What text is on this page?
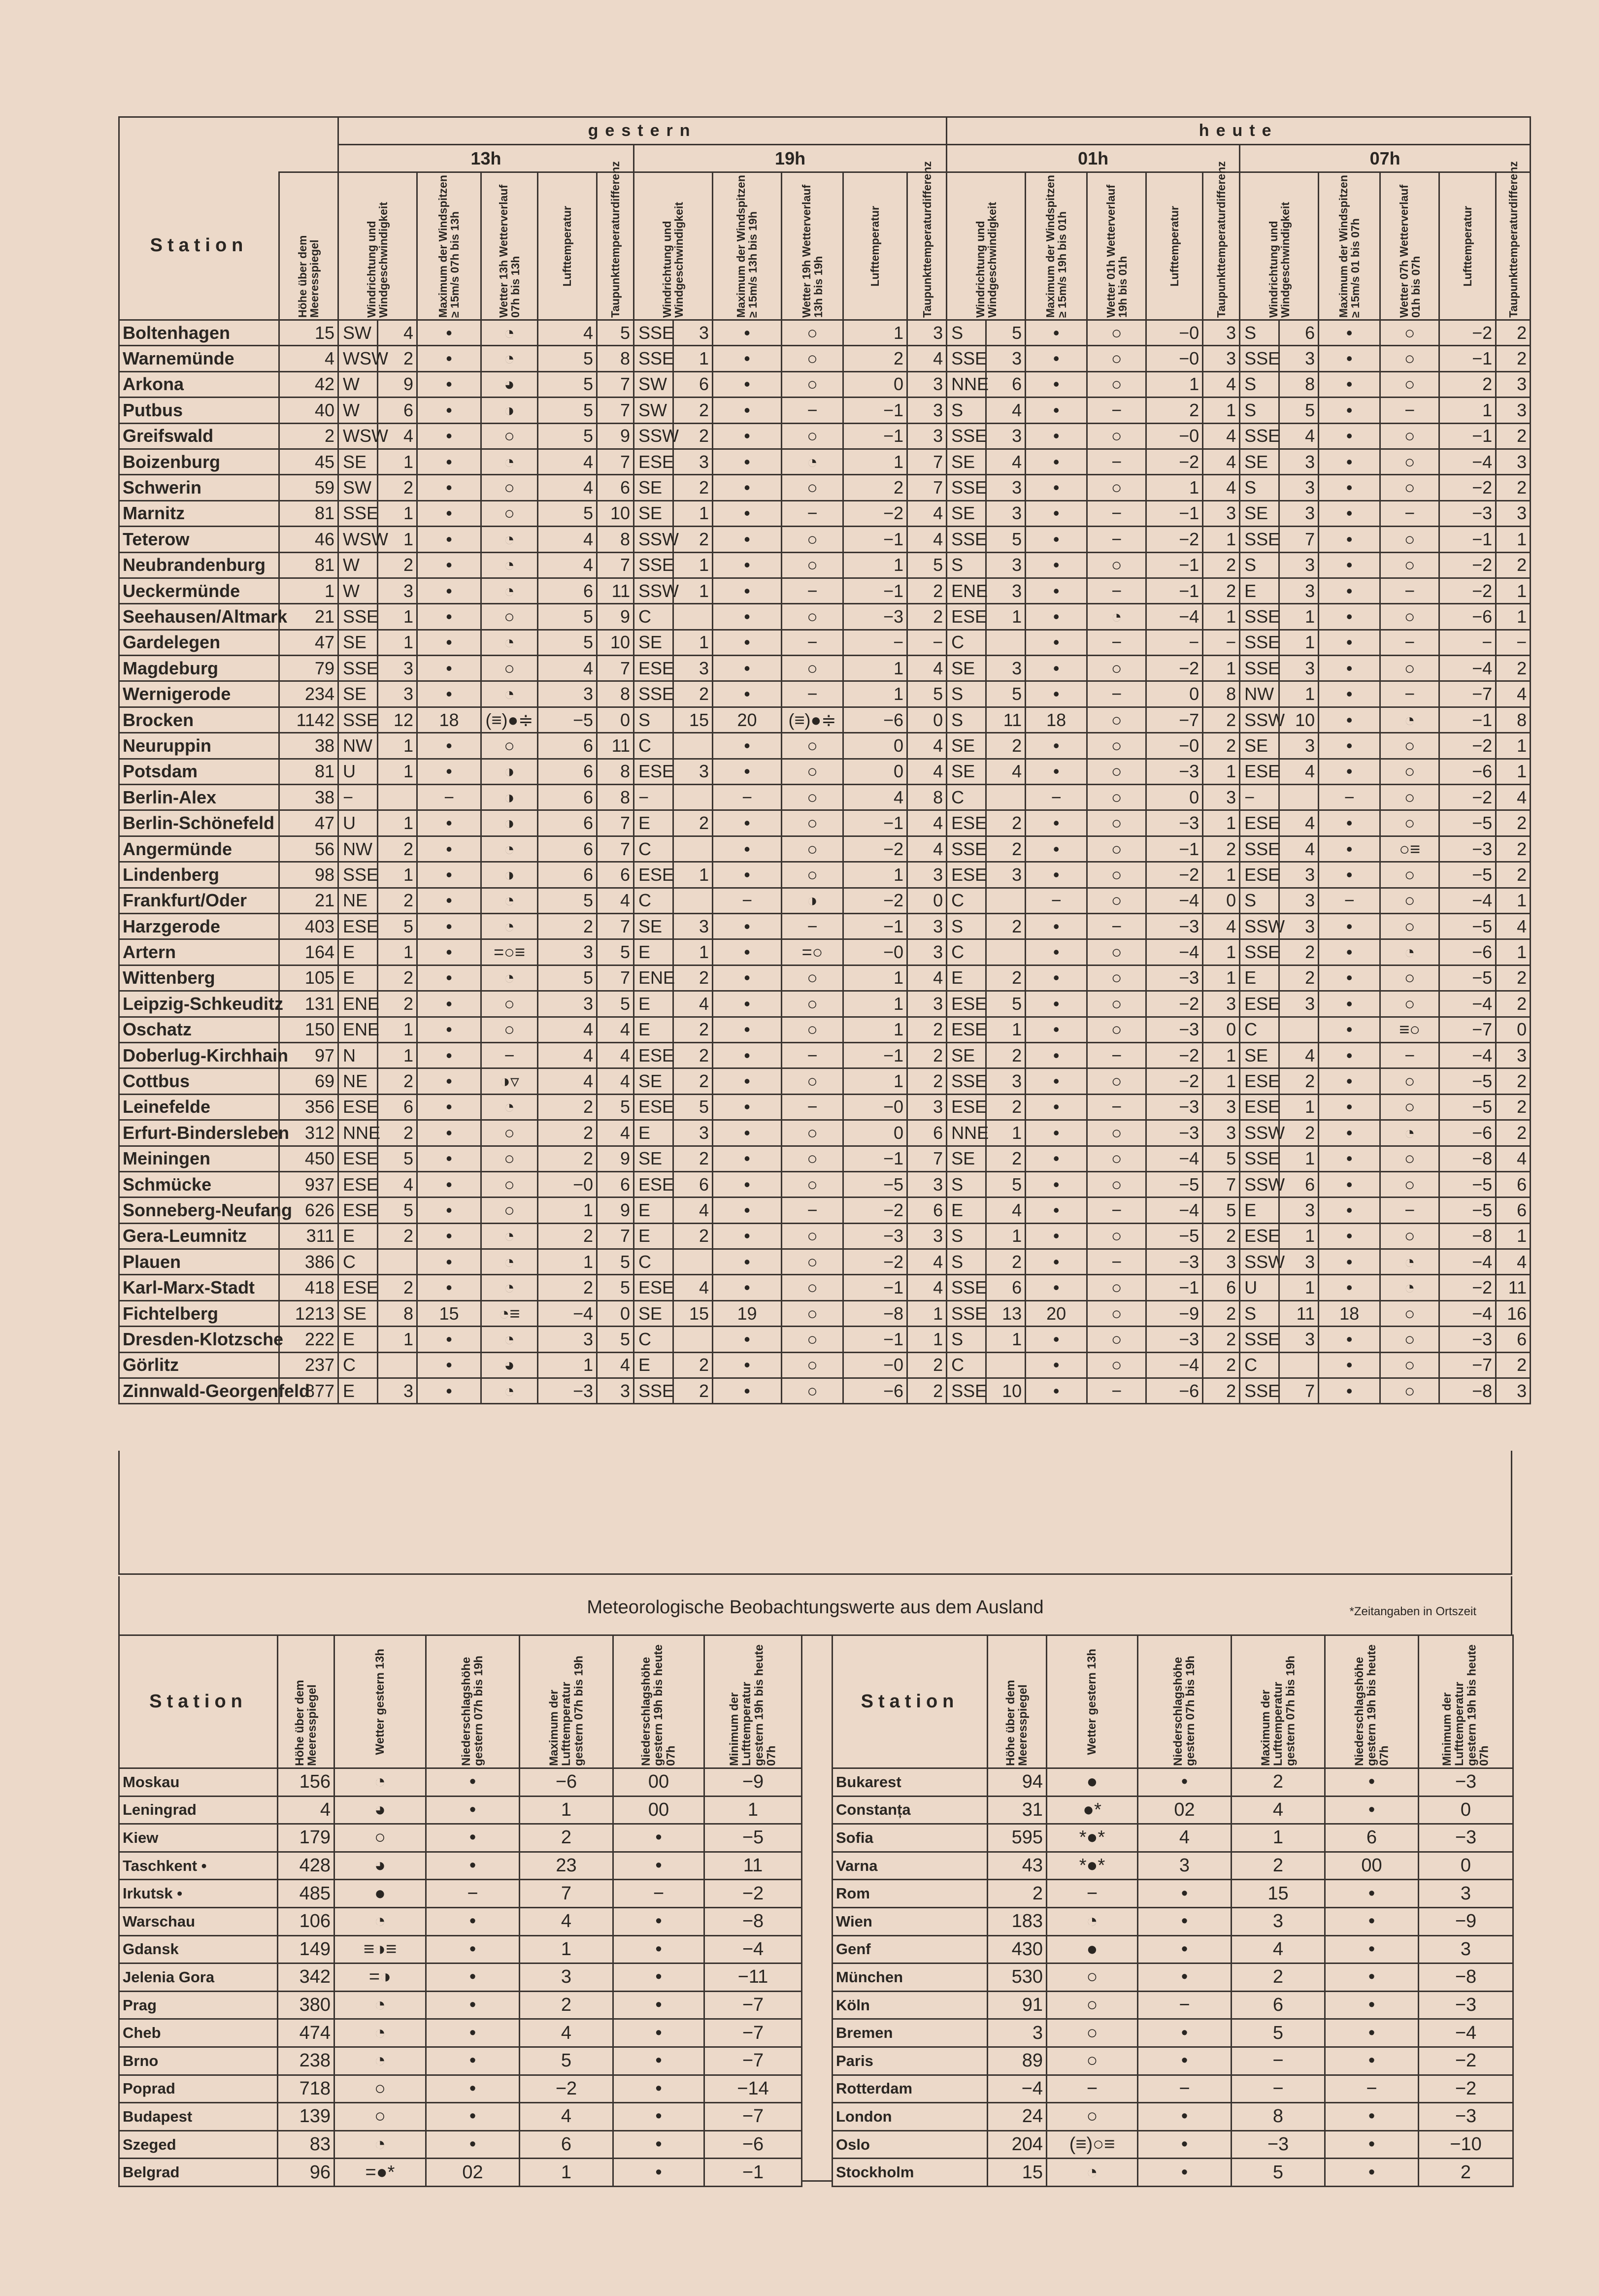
		gestern												heute											
		13h						19h						01h						07h					
Station	Höhe über dem Meeresspiegel	Windrichtung und Windgeschwindigkeit		Maximum der Windspitzen ≥ 15m/s 07h bis 13h	Wetter 13h Wetterverlauf 07h bis 13h	Lufttemperatur	Taupunkttemperaturdifferenz	Windrichtung und Windgeschwindigkeit		Maximum der Windspitzen ≥ 15m/s 13h bis 19h	Wetter 19h Wetterverlauf 13h bis 19h	Lufttemperatur	Taupunkttemperaturdifferenz	Windrichtung und Windgeschwindigkeit		Maximum der Windspitzen ≥ 15m/s 19h bis 01h	Wetter 01h Wetterverlauf 19h bis 01h	Lufttemperatur	Taupunkttemperaturdifferenz	Windrichtung und Windgeschwindigkeit		Maximum der Windspitzen ≥ 15m/s 01 bis 07h	Wetter 07h Wetterverlauf 01h bis 07h	Lufttemperatur	Taupunkttemperaturdifferenz

Boltenhagen	15	SW	4	•	◔	4	5	SSE	3	•	○	1	3	S	5	•	○	−0	3	S	6	•	○	−2	2
Warnemünde	4	WSW	2	•	◔	5	8	SSE	1	•	○	2	4	SSE	3	•	○	−0	3	SSE	3	•	○	−1	2
Arkona	42	W	9	•	◕	5	7	SW	6	•	○	0	3	NNE	6	•	○	1	4	S	8	•	○	2	3
Putbus	40	W	6	•	◑	5	7	SW	2	•	−	−1	3	S	4	•	−	2	1	S	5	•	−	1	3
Greifswald	2	WSW	4	•	○	5	9	SSW	2	•	○	−1	3	SSE	3	•	○	−0	4	SSE	4	•	○	−1	2
Boizenburg	45	SE	1	•	◔	4	7	ESE	3	•	◔	1	7	SE	4	•	−	−2	4	SE	3	•	○	−4	3
Schwerin	59	SW	2	•	○	4	6	SE	2	•	○	2	7	SSE	3	•	○	1	4	S	3	•	○	−2	2
Marnitz	81	SSE	1	•	○	5	10	SE	1	•	−	−2	4	SE	3	•	−	−1	3	SE	3	•	−	−3	3
Teterow	46	WSW	1	•	◔	4	8	SSW	2	•	○	−1	4	SSE	5	•	−	−2	1	SSE	7	•	○	−1	1
Neubrandenburg	81	W	2	•	◔	4	7	SSE	1	•	○	1	5	S	3	•	○	−1	2	S	3	•	○	−2	2
Ueckermünde	1	W	3	•	◔	6	11	SSW	1	•	−	−1	2	ENE	3	•	−	−1	2	E	3	•	−	−2	1
Seehausen/Altmark	21	SSE	1	•	○	5	9	C		•	○	−3	2	ESE	1	•	◔	−4	1	SSE	1	•	○	−6	1
Gardelegen	47	SE	1	•	◔	5	10	SE	1	•	−	−	−	C		•	−	−	−	SSE	1	•	−	−	−
Magdeburg	79	SSE	3	•	○	4	7	ESE	3	•	○	1	4	SE	3	•	○	−2	1	SSE	3	•	○	−4	2
Wernigerode	234	SE	3	•	◔	3	8	SSE	2	•	−	1	5	S	5	•	−	0	8	NW	1	•	−	−7	4
Brocken	1142	SSE	12	18	(≡)●≑	−5	0	S	15	20	(≡)●≑	−6	0	S	11	18	○	−7	2	SSW	10	•	◔	−1	8
Neuruppin	38	NW	1	•	○	6	11	C		•	○	0	4	SE	2	•	○	−0	2	SE	3	•	○	−2	1
Potsdam	81	U	1	•	◑	6	8	ESE	3	•	○	0	4	SE	4	•	○	−3	1	ESE	4	•	○	−6	1
Berlin-Alex	38	−		−	◑	6	8	−		−	○	4	8	C		−	○	0	3	−		−	○	−2	4
Berlin-Schönefeld	47	U	1	•	◑	6	7	E	2	•	○	−1	4	ESE	2	•	○	−3	1	ESE	4	•	○	−5	2
Angermünde	56	NW	2	•	◔	6	7	C		•	○	−2	4	SSE	2	•	○	−1	2	SSE	4	•	○≡	−3	2
Lindenberg	98	SSE	1	•	◑	6	6	ESE	1	•	○	1	3	ESE	3	•	○	−2	1	ESE	3	•	○	−5	2
Frankfurt/Oder	21	NE	2	•	◔	5	4	C		−	◑	−2	0	C		−	○	−4	0	S	3	−	○	−4	1
Harzgerode	403	ESE	5	•	◔	2	7	SE	3	•	−	−1	3	S	2	•	−	−3	4	SSW	3	•	○	−5	4
Artern	164	E	1	•	=○≡	3	5	E	1	•	=○	−0	3	C		•	○	−4	1	SSE	2	•	◔	−6	1
Wittenberg	105	E	2	•	◔	5	7	ENE	2	•	○	1	4	E	2	•	○	−3	1	E	2	•	○	−5	2
Leipzig-Schkeuditz	131	ENE	2	•	○	3	5	E	4	•	○	1	3	ESE	5	•	○	−2	3	ESE	3	•	○	−4	2
Oschatz	150	ENE	1	•	○	4	4	E	2	•	○	1	2	ESE	1	•	○	−3	0	C		•	≡○	−7	0
Doberlug-Kirchhain	97	N	1	•	−	4	4	ESE	2	•	−	−1	2	SE	2	•	−	−2	1	SE	4	•	−	−4	3
Cottbus	69	NE	2	•	◑▿	4	4	SE	2	•	○	1	2	SSE	3	•	○	−2	1	ESE	2	•	○	−5	2
Leinefelde	356	ESE	6	•	◔	2	5	ESE	5	•	−	−0	3	ESE	2	•	−	−3	3	ESE	1	•	○	−5	2
Erfurt-Bindersleben	312	NNE	2	•	○	2	4	E	3	•	○	0	6	NNE	1	•	○	−3	3	SSW	2	•	◔	−6	2
Meiningen	450	ESE	5	•	○	2	9	SE	2	•	○	−1	7	SE	2	•	○	−4	5	SSE	1	•	○	−8	4
Schmücke	937	ESE	4	•	○	−0	6	ESE	6	•	○	−5	3	S	5	•	○	−5	7	SSW	6	•	○	−5	6
Sonneberg-Neufang	626	ESE	5	•	○	1	9	E	4	•	−	−2	6	E	4	•	−	−4	5	E	3	•	−	−5	6
Gera-Leumnitz	311	E	2	•	◔	2	7	E	2	•	○	−3	3	S	1	•	○	−5	2	ESE	1	•	○	−8	1
Plauen	386	C		•	◔	1	5	C		•	○	−2	4	S	2	•	−	−3	3	SSW	3	•	◔	−4	4
Karl-Marx-Stadt	418	ESE	2	•	◔	2	5	ESE	4	•	○	−1	4	SSE	6	•	○	−1	6	U	1	•	◔	−2	11
Fichtelberg	1213	SE	8	15	◔≡	−4	0	SE	15	19	○	−8	1	SSE	13	20	○	−9	2	S	11	18	○	−4	16
Dresden-Klotzsche	222	E	1	•	◔	3	5	C		•	○	−1	1	S	1	•	○	−3	2	SSE	3	•	○	−3	6
Görlitz	237	C		•	◕	1	4	E	2	•	○	−0	2	C		•	○	−4	2	C		•	○	−7	2
Zinnwald-Georgenfeld	877	E	3	•	◔	−3	3	SSE	2	•	○	−6	2	SSE	10	•	−	−6	2	SSE	7	•	○	−8	3
Meteorologische Beobachtungswerte aus dem Ausland	*Zeitangaben in Ortszeit
Station	Höhe über dem Meeresspiegel	Wetter gestern 13h	Niederschlagshöhe gestern 07h bis 19h	Maximum der Lufttemperatur gestern 07h bis 19h	Niederschlagshöhe gestern 19h bis heute 07h	Minimum der Lufttemperatur gestern 19h bis heute 07h

Moskau	156	◔	•	−6	00	−9
Leningrad	4	◕	•	1	00	1
Kiew	179	○	•	2	•	−5
Taschkent •	428	◕	•	23	•	11
Irkutsk •	485	●	−	7	−	−2
Warschau	106	◔	•	4	•	−8
Gdansk	149	≡◑≡	•	1	•	−4
Jelenia Gora	342	=◑	•	3	•	−11
Prag	380	◔	•	2	•	−7
Cheb	474	◔	•	4	•	−7
Brno	238	◔	•	5	•	−7
Poprad	718	○	•	−2	•	−14
Budapest	139	○	•	4	•	−7
Szeged	83	◔	•	6	•	−6
Belgrad	96	=●*	02	1	•	−1
Station	Höhe über dem Meeresspiegel	Wetter gestern 13h	Niederschlagshöhe gestern 07h bis 19h	Maximum der Lufttemperatur gestern 07h bis 19h	Niederschlagshöhe gestern 19h bis heute 07h	Minimum der Lufttemperatur gestern 19h bis heute 07h

Bukarest	94	●	•	2	•	−3
Constanța	31	●*	02	4	•	0
Sofia	595	*●*	4	1	6	−3
Varna	43	*●*	3	2	00	0
Rom	2	−	•	15	•	3
Wien	183	◔	•	3	•	−9
Genf	430	●	•	4	•	3
München	530	○	•	2	•	−8
Köln	91	○	−	6	•	−3
Bremen	3	○	•	5	•	−4
Paris	89	○	•	−	•	−2
Rotterdam	−4	−	−	−	−	−2
London	24	○	•	8	•	−3
Oslo	204	(≡)○≡	•	−3	•	−10
Stockholm	15	◔	•	5	•	2
